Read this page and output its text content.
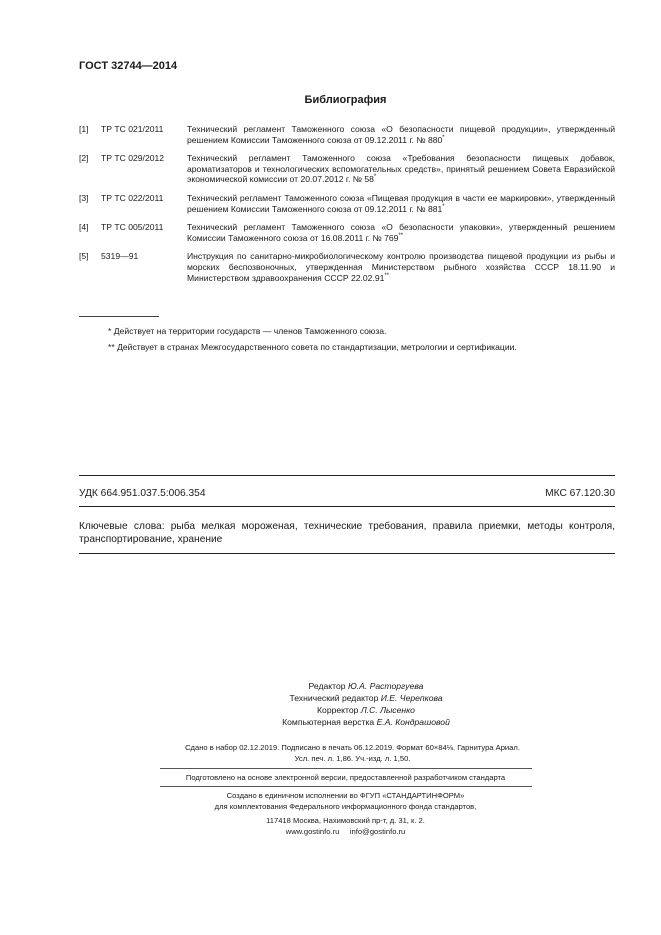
ГОСТ 32744—2014
Библиография
[1]	ТР ТС 021/2011	Технический регламент Таможенного союза «О безопасности пищевой продукции», утвержденный решением Комиссии Таможенного союза от 09.12.2011 г. № 880*
[2]	ТР ТС 029/2012	Технический регламент Таможенного союза «Требования безопасности пищевых добавок, ароматизаторов и технологических вспомогательных средств», принятый решением Совета Евразийской экономической комиссии от 20.07.2012 г. № 58*
[3]	ТР ТС 022/2011	Технический регламент Таможенного союза «Пищевая продукция в части ее маркировки», утвержденный решением Комиссии Таможенного союза от 09.12.2011 г. № 881*
[4]	ТР ТС 005/2011	Технический регламент Таможенного союза «О безопасности упаковки», утвержденный решением Комиссии Таможенного союза от 16.08.2011 г. № 769**
[5]	5319—91	Инструкция по санитарно-микробиологическому контролю производства пищевой продукции из рыбы и морских беспозвоночных, утвержденная Министерством рыбного хозяйства СССР 18.11.90 и Министерством здравоохранения СССР 22.02.91**
* Действует на территории государств — членов Таможенного союза.
** Действует в странах Межгосударственного совета по стандартизации, метрологии и сертификации.
УДК 664.951.037.5:006.354	МКС 67.120.30
Ключевые слова: рыба мелкая мороженая, технические требования, правила приемки, методы контроля, транспортирование, хранение
Редактор Ю.А. Расторгуева
Технический редактор И.Е. Черепкова
Корректор Л.С. Лысенко
Компьютерная верстка Е.А. Кондрашовой
Сдано в набор 02.12.2019. Подписано в печать 06.12.2019. Формат 60×84⅛. Гарнитура Ариал.
Усл. печ. л. 1,86. Уч.-изд. л. 1,50.
Подготовлено на основе электронной версии, предоставленной разработчиком стандарта
Создано в единичном исполнении во ФГУП «СТАНДАРТИНФОРМ»
для комплектования Федерального информационного фонда стандартов,
117418 Москва, Нахимовский пр-т, д. 31, к. 2.
www.gostinfo.ru     info@gostinfo.ru
